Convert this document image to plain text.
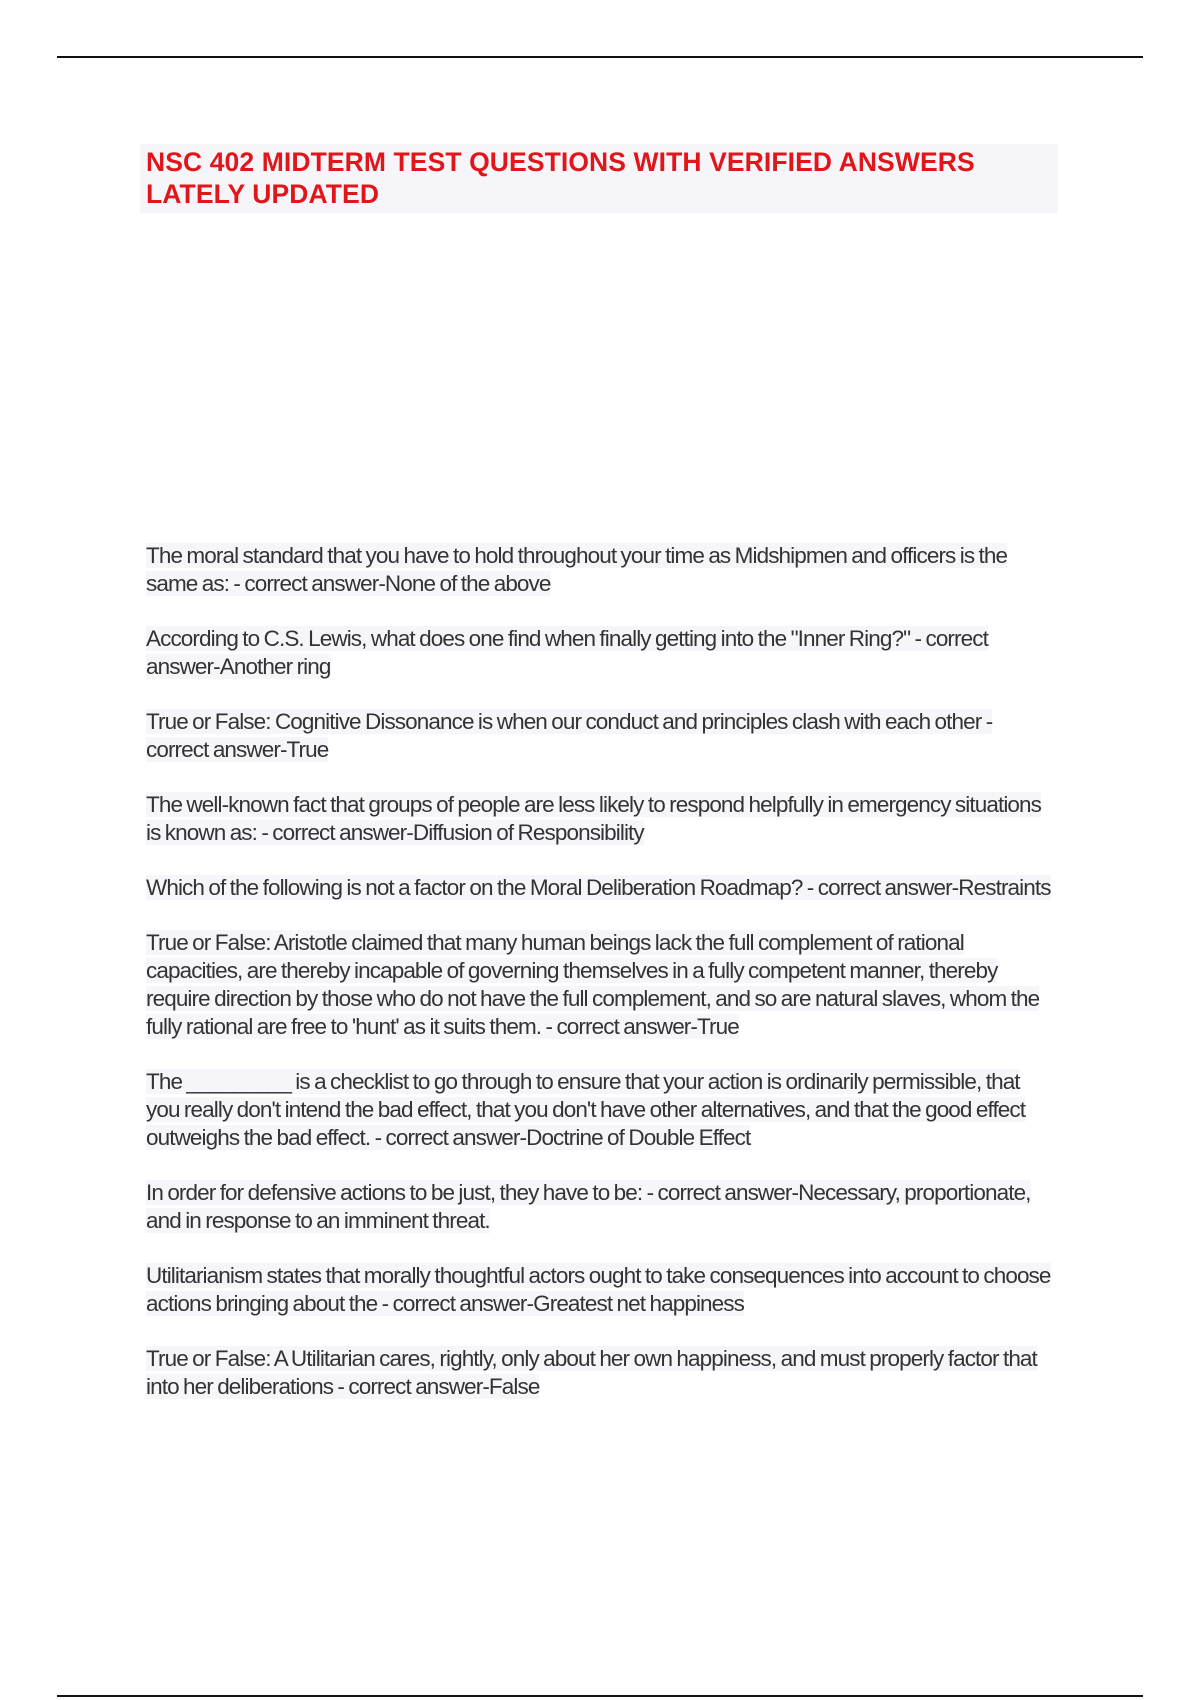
NSC 402 MIDTERM TEST QUESTIONS WITH VERIFIED ANSWERS LATELY UPDATED
The moral standard that you have to hold throughout your time as Midshipmen and officers is the same as: - correct answer-None of the above
According to C.S. Lewis, what does one find when finally getting into the "Inner Ring?" - correct answer-Another ring
True or False: Cognitive Dissonance is when our conduct and principles clash with each other - correct answer-True
The well-known fact that groups of people are less likely to respond helpfully in emergency situations is known as: - correct answer-Diffusion of Responsibility
Which of the following is not a factor on the Moral Deliberation Roadmap? - correct answer-Restraints
True or False: Aristotle claimed that many human beings lack the full complement of rational capacities, are thereby incapable of governing themselves in a fully competent manner, thereby require direction by those who do not have the full complement, and so are natural slaves, whom the fully rational are free to 'hunt' as it suits them. - correct answer-True
The _________ is a checklist to go through to ensure that your action is ordinarily permissible, that you really don't intend the bad effect, that you don't have other alternatives, and that the good effect outweighs the bad effect. - correct answer-Doctrine of Double Effect
In order for defensive actions to be just, they have to be: - correct answer-Necessary, proportionate, and in response to an imminent threat.
Utilitarianism states that morally thoughtful actors ought to take consequences into account to choose actions bringing about the - correct answer-Greatest net happiness
True or False: A Utilitarian cares, rightly, only about her own happiness, and must properly factor that into her deliberations - correct answer-False
